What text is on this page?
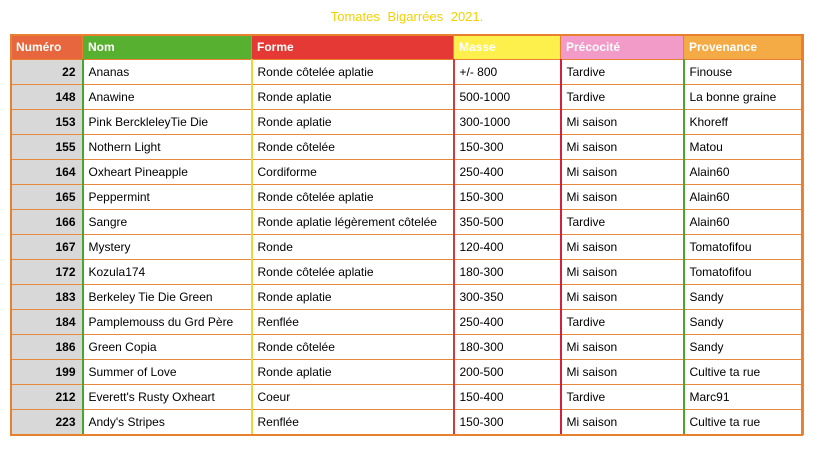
Tomates Bigarrées 2021.
Numéro	Nom	Forme	Masse	Précocité	Provenance
22	Ananas	Ronde côtelée aplatie	+/- 800	Tardive	Finouse
148	Anawine	Ronde aplatie	500-1000	Tardive	La bonne graine
153	Pink BerckleleyTie Die	Ronde aplatie	300-1000	Mi saison	Khoreff
155	Nothern Light	Ronde côtelée	150-300	Mi saison	Matou
164	Oxheart Pineapple	Cordiforme	250-400	Mi saison	Alain60
165	Peppermint	Ronde côtelée aplatie	150-300	Mi saison	Alain60
166	Sangre	Ronde aplatie légèrement côtelée	350-500	Tardive	Alain60
167	Mystery	Ronde	120-400	Mi saison	Tomatofifou
172	Kozula174	Ronde côtelée aplatie	180-300	Mi saison	Tomatofifou
183	Berkeley Tie Die Green	Ronde aplatie	300-350	Mi saison	Sandy
184	Pamplemouss du Grd Père	Renflée	250-400	Tardive	Sandy
186	Green Copia	Ronde côtelée	180-300	Mi saison	Sandy
199	Summer of Love	Ronde aplatie	200-500	Mi saison	Cultive ta rue
212	Everett's Rusty Oxheart	Coeur	150-400	Tardive	Marc91
223	Andy's Stripes	Renflée	150-300	Mi saison	Cultive ta rue
